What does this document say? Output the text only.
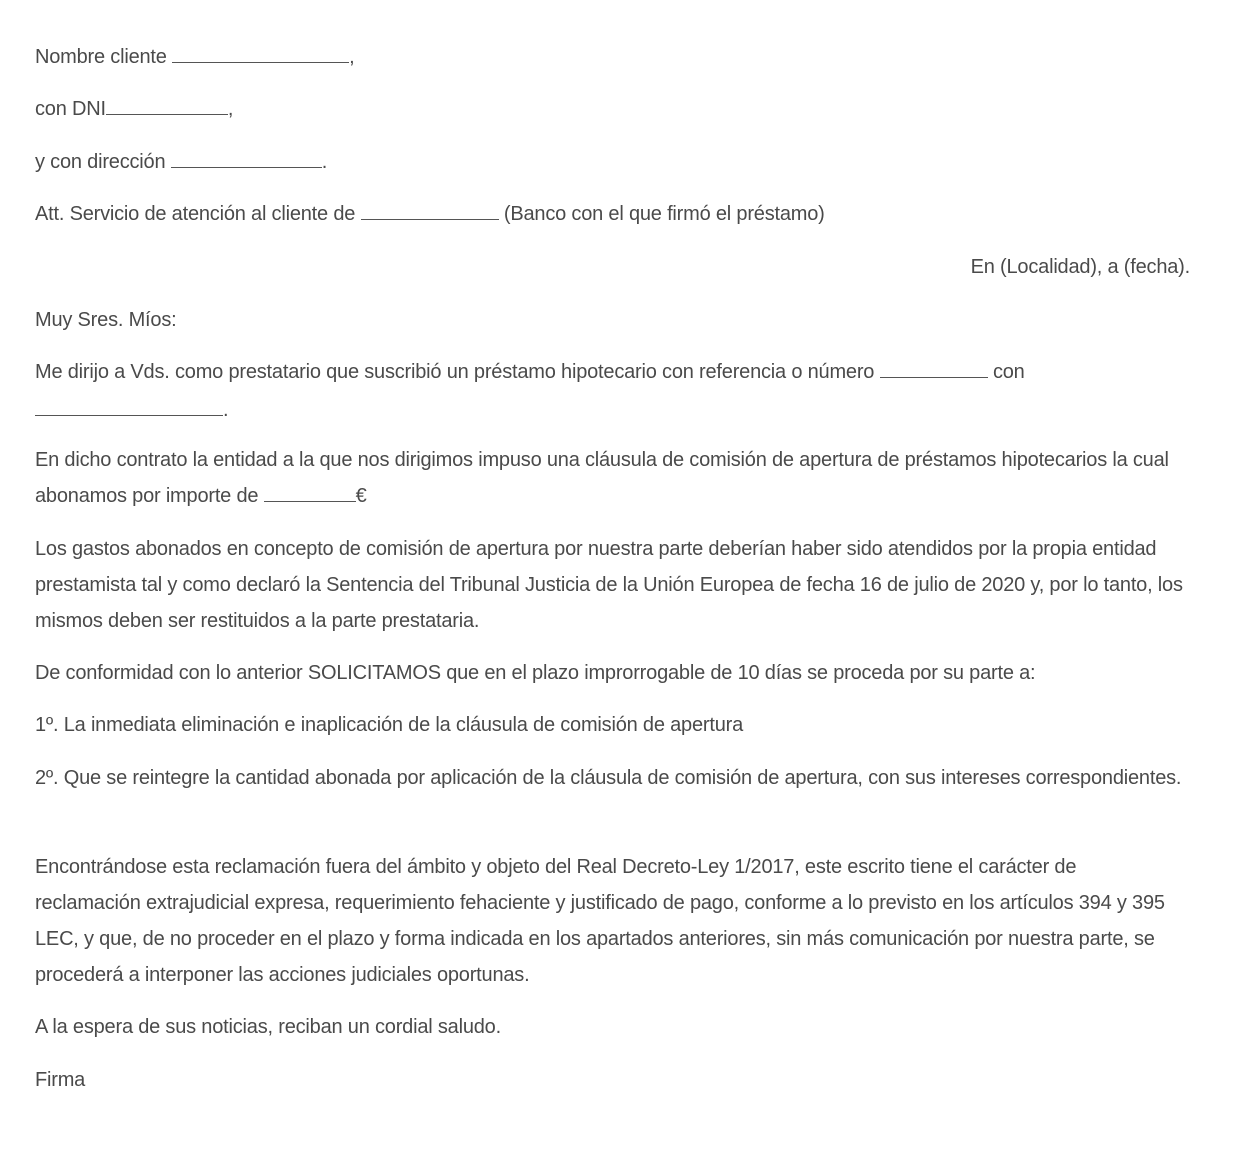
Nombre cliente	,
con DNI	,
y con dirección	.
Att. Servicio de atención al cliente de	(Banco con el que firmó el préstamo)
En (Localidad), a (fecha).
Muy Sres. Míos:
Me dirijo a Vds. como prestatario que suscribió un préstamo hipotecario con referencia o número	con
.
En dicho contrato la entidad a la que nos dirigimos impuso una cláusula de comisión de apertura de préstamos hipotecarios la cual abonamos por importe de	€
Los gastos abonados en concepto de comisión de apertura por nuestra parte deberían haber sido atendidos por la propia entidad prestamista tal y como declaró la Sentencia del Tribunal Justicia de la Unión Europea de fecha 16 de julio de 2020 y, por lo tanto, los mismos deben ser restituidos a la parte prestataria.
De conformidad con lo anterior SOLICITAMOS que en el plazo improrrogable de 10 días se proceda por su parte a:
1º. La inmediata eliminación e inaplicación de la cláusula de comisión de apertura
2º. Que se reintegre la cantidad abonada por aplicación de la cláusula de comisión de apertura, con sus intereses correspondientes.
Encontrándose esta reclamación fuera del ámbito y objeto del Real Decreto-Ley 1/2017, este escrito tiene el carácter de reclamación extrajudicial expresa, requerimiento fehaciente y justificado de pago, conforme a lo previsto en los artículos 394 y 395 LEC, y que, de no proceder en el plazo y forma indicada en los apartados anteriores, sin más comunicación por nuestra parte, se procederá a interponer las acciones judiciales oportunas.
A la espera de sus noticias, reciban un cordial saludo.
Firma
